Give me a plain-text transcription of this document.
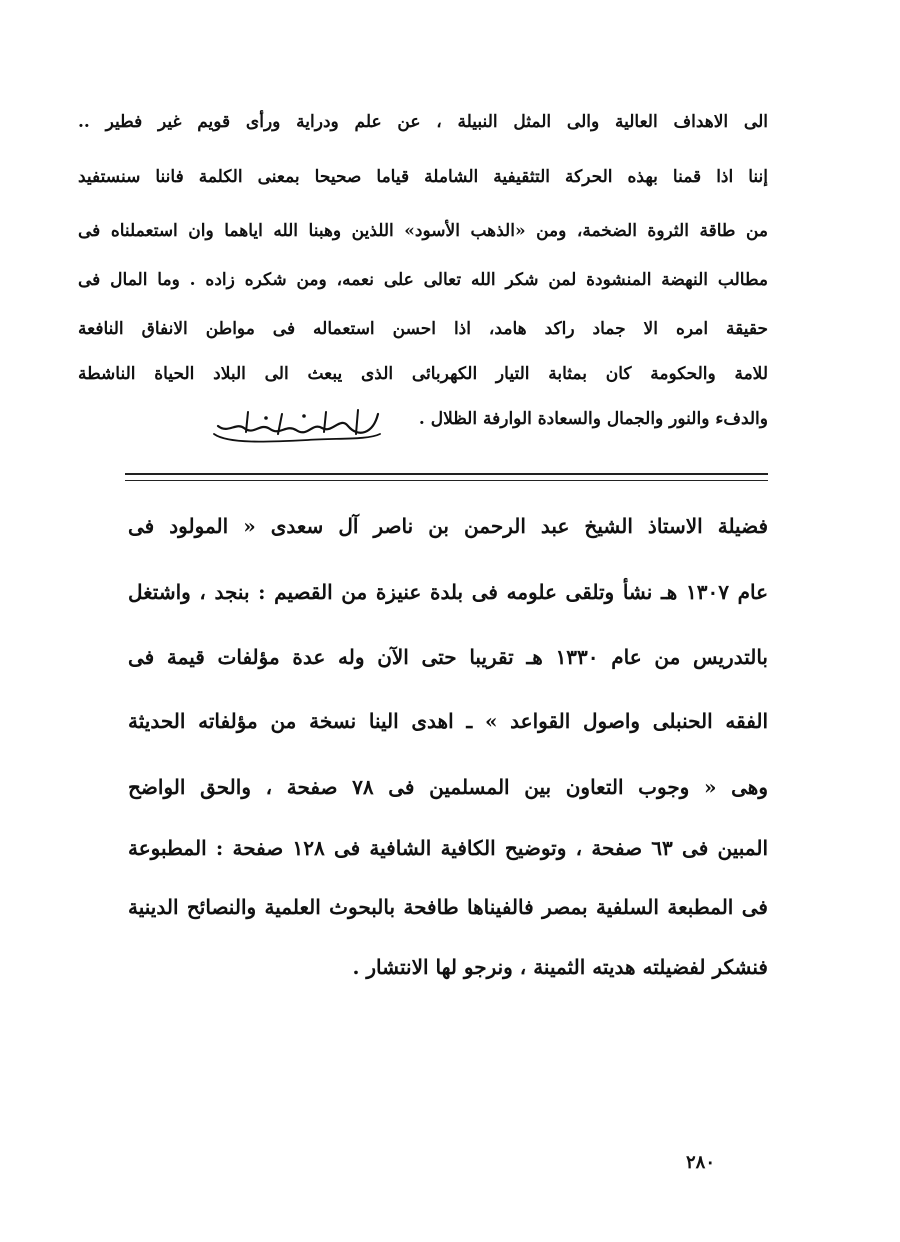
الى الاهداف العالية والى المثل النبيلة ، عن علم ودراية ورأى قويم غير فطير ..
إننا اذا قمنا بهذه الحركة التثقيفية الشاملة قياما صحيحا بمعنى الكلمة فاننا سنستفيد
من طاقة الثروة الضخمة، ومن «الذهب الأسود» اللذين وهبنا الله اياهما وان استعملناه فى
مطالب النهضة المنشودة لمن شكر الله تعالى على نعمه، ومن شكره زاده . وما المال فى
حقيقة امره الا جماد راكد هامد، اذا احسن استعماله فى مواطن الانفاق النافعة
للامة والحكومة كان بمثابة التيار الكهربائى الذى يبعث الى البلاد الحياة الناشطة
والدفء والنور والجمال والسعادة الوارفة الظلال .
فضيلة الاستاذ الشيخ عبد الرحمن بن ناصر آل سعدى « المولود فى
عام ١٣٠٧ هـ نشأ وتلقى علومه فى بلدة عنيزة من القصيم : بنجد ، واشتغل
بالتدريس من عام ١٣٣٠ هـ تقريبا حتى الآن وله عدة مؤلفات قيمة فى
الفقه الحنبلى واصول القواعد » ـ اهدى الينا نسخة من مؤلفاته الحديثة
وهى « وجوب التعاون بين المسلمين فى ٧٨ صفحة ، والحق الواضح
المبين فى ٦٣ صفحة ، وتوضيح الكافية الشافية فى ١٢٨ صفحة : المطبوعة
فى المطبعة السلفية بمصر فالفيناها طافحة بالبحوث العلمية والنصائح الدينية
فنشكر لفضيلته هديته الثمينة ، ونرجو لها الانتشار .
٢٨٠
